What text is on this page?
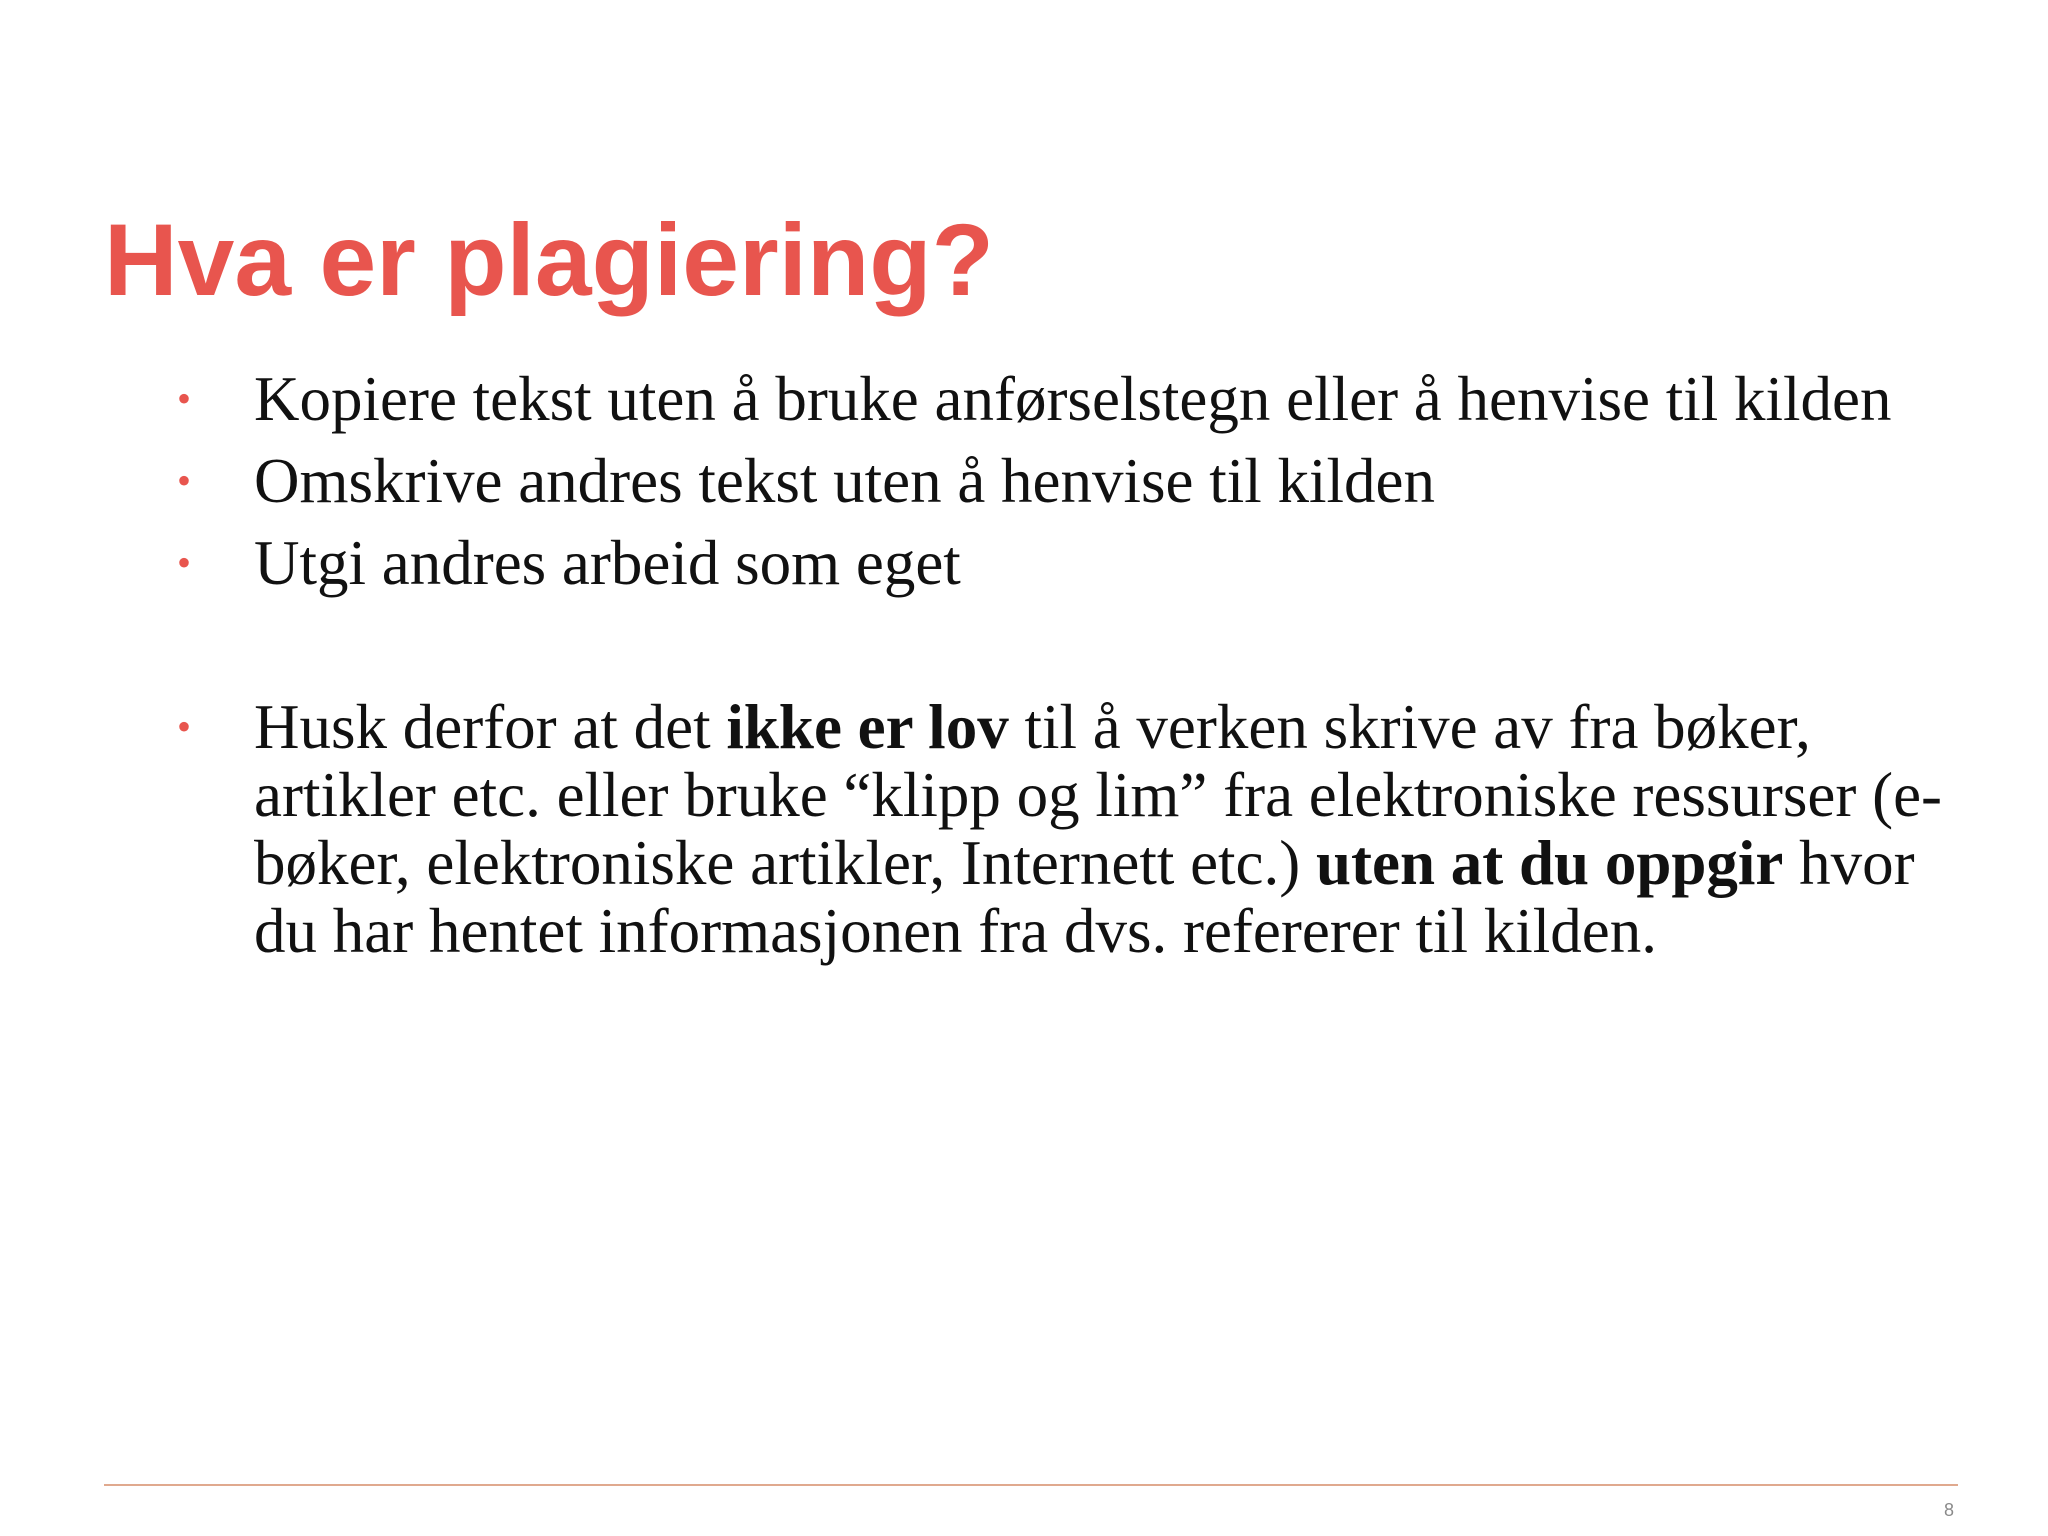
Hva er plagiering?
• Kopiere tekst uten å bruke anførselstegn eller å henvise til kilden
• Omskrive andres tekst uten å henvise til kilden
• Utgi andres arbeid som eget
• Husk derfor at det ikke er lov til å verken skrive av fra bøker, artikler etc. eller bruke “klipp og lim” fra elektroniske ressurser (e-bøker, elektroniske artikler, Internett etc.) uten at du oppgir hvor du har hentet informasjonen fra dvs. refererer til kilden.
8
